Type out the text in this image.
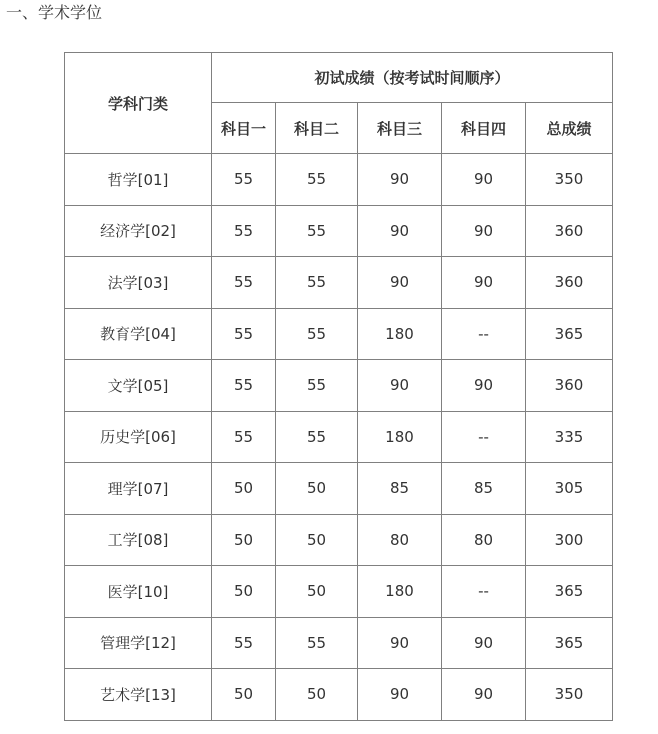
一、学术学位
学科门类	初试成绩（按考试时间顺序）				
	科目一	科目二	科目三	科目四	总成绩
哲学[01]	55	55	90	90	350
经济学[02]	55	55	90	90	360
法学[03]	55	55	90	90	360
教育学[04]	55	55	180	--	365
文学[05]	55	55	90	90	360
历史学[06]	55	55	180	--	335
理学[07]	50	50	85	85	305
工学[08]	50	50	80	80	300
医学[10]	50	50	180	--	365
管理学[12]	55	55	90	90	365
艺术学[13]	50	50	90	90	350
